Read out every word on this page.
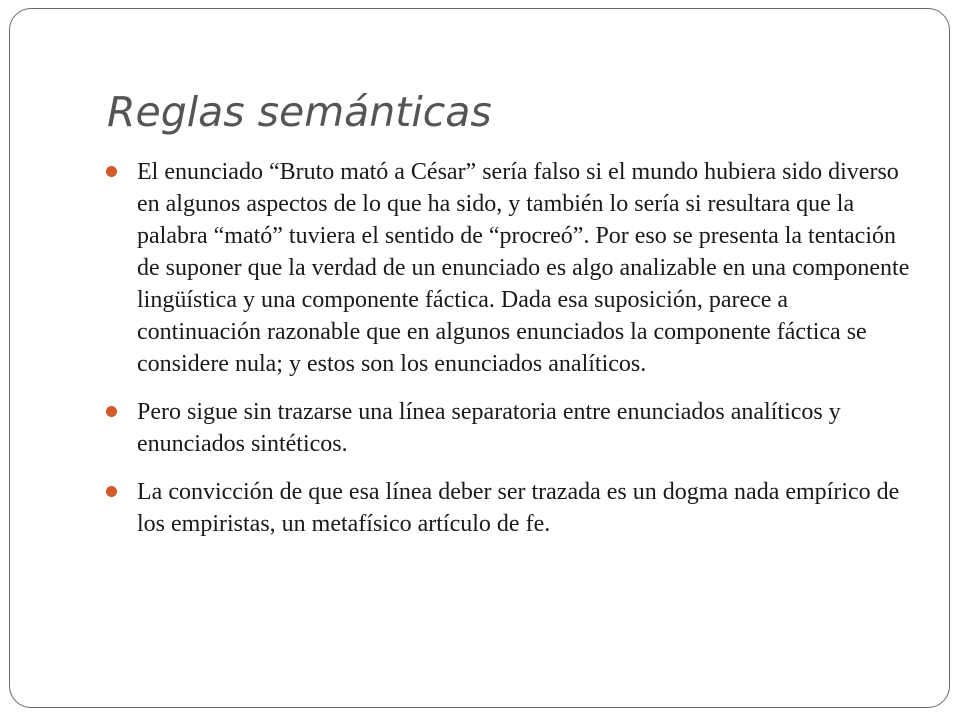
Reglas semánticas
El enunciado “Bruto mató a César” sería falso si el mundo hubiera sido diverso en algunos aspectos de lo que ha sido, y también lo sería si resultara que la palabra “mató” tuviera el sentido de “procreó”. Por eso se presenta la tentación de suponer que la verdad de un enunciado es algo analizable en una componente lingüística y una componente fáctica. Dada esa suposición, parece a continuación razonable que en algunos enunciados la componente fáctica se considere nula; y estos son los enunciados analíticos.
Pero sigue sin trazarse una línea separatoria entre enunciados analíticos y enunciados sintéticos.
La convicción de que esa línea deber ser trazada es un dogma nada empírico de los empiristas, un metafísico artículo de fe.
